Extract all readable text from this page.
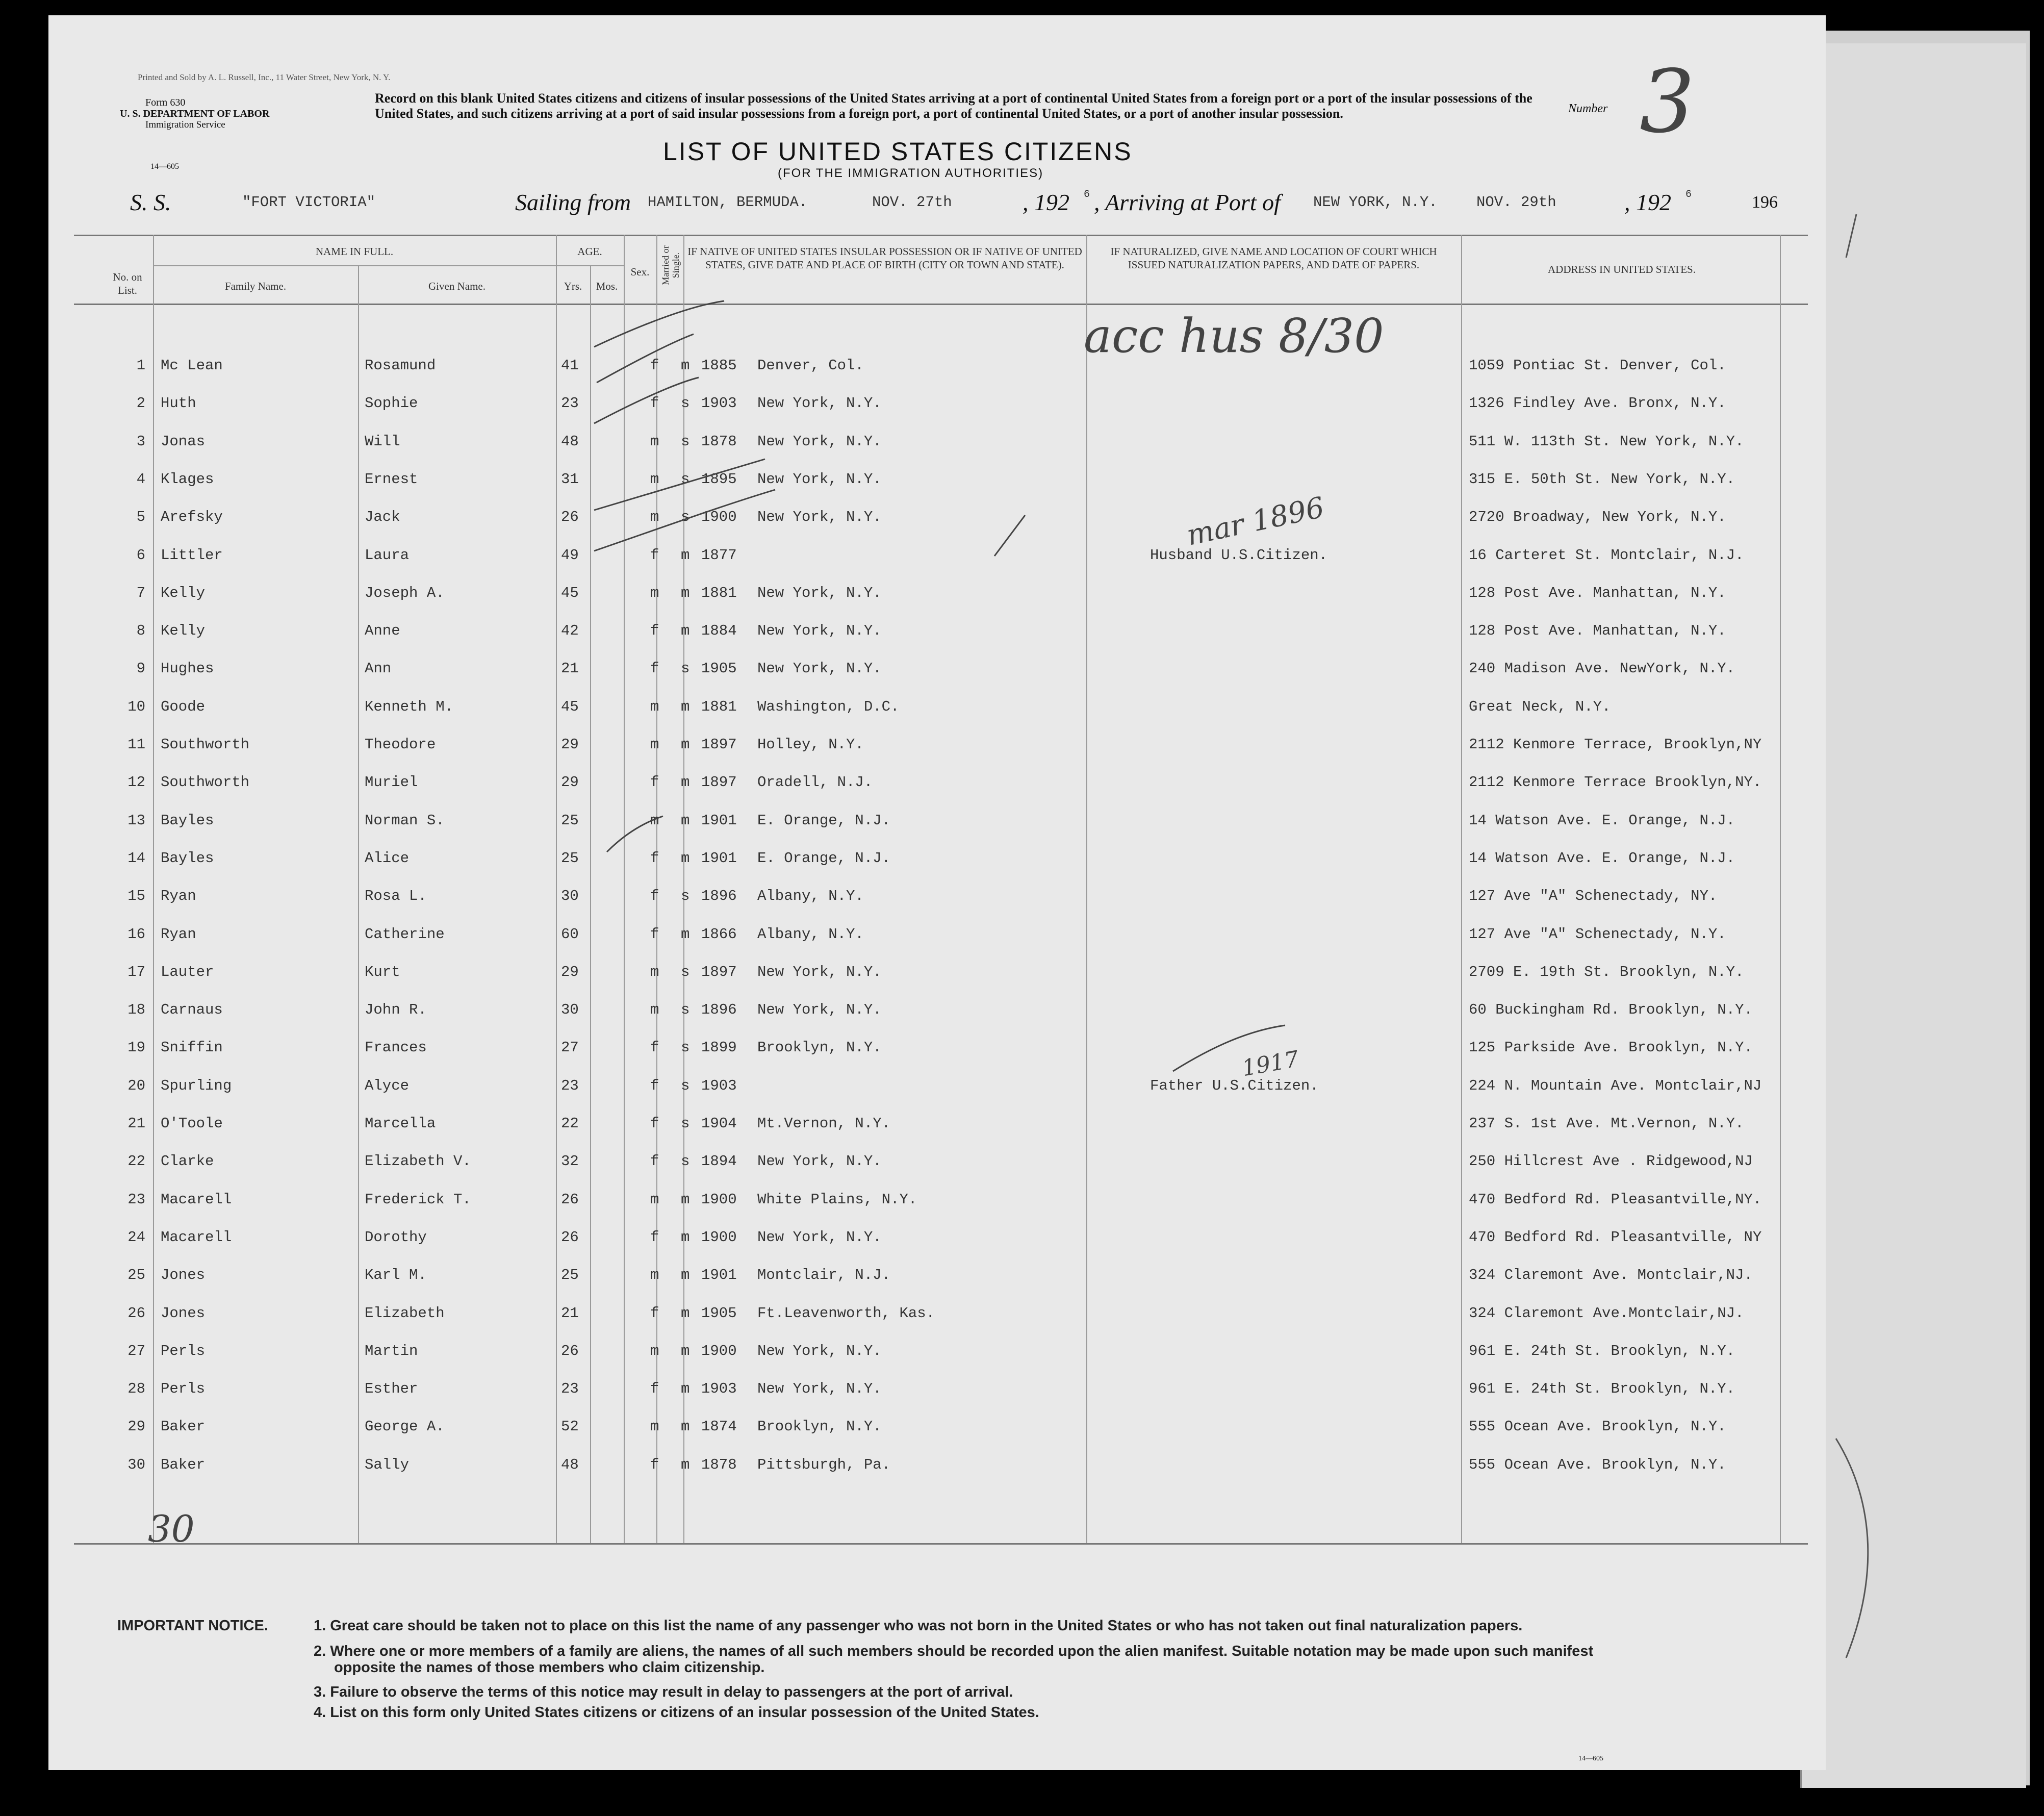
Printed and Sold by A. L. Russell, Inc., 11 Water Street, New York, N. Y.
Form 630
U. S. DEPARTMENT OF LABOR
Immigration Service
14—605
Record on this blank United States citizens and citizens of insular possessions of the United States arriving at a port of continental United States from a foreign port or a port of the insular possessions of the United States, and such citizens arriving at a port of said insular possessions from a foreign port, a port of continental United States, or a port of another insular possession.	Number 3
LIST OF UNITED STATES CITIZENS
(FOR THE IMMIGRATION AUTHORITIES)
S. S.	"FORT VICTORIA"	Sailing from HAMILTON, BERMUDA.	NOV. 27th	, 192 6 , Arriving at Port of NEW YORK, N.Y.	NOV. 29th	, 192 6	196
No. on List.
NAME IN FULL.
Family Name.	Given Name.
AGE.
Yrs.	Mos.
Sex.	Married or Single.
IF NATIVE OF UNITED STATES INSULAR POSSESSION OR IF NATIVE OF UNITED STATES, GIVE DATE AND PLACE OF BIRTH (CITY OR TOWN AND STATE).
IF NATURALIZED, GIVE NAME AND LOCATION OF COURT WHICH ISSUED NATURALIZATION PAPERS, AND DATE OF PAPERS.	ADDRESS IN UNITED STATES.
1 Mc Lean	Rosamund	41	f m 1885 Denver, Col.	1059 Pontiac St. Denver, Col.
2 Huth	Sophie	23	f s 1903 New York, N.Y.	1326 Findley Ave. Bronx, N.Y.
3 Jonas	Will	48	m s 1878 New York, N.Y.	511 W. 113th St. New York, N.Y.
4 Klages	Ernest	31	m s 1895 New York, N.Y.	315 E. 50th St. New York, N.Y.
5 Arefsky	Jack	26	m s 1900 New York, N.Y.	2720 Broadway, New York, N.Y.
6 Littler	Laura	49	f m 1877	Husband U.S.Citizen.	16 Carteret St. Montclair, N.J.
7 Kelly	Joseph A.	45	m m 1881 New York, N.Y.	128 Post Ave. Manhattan, N.Y.
8 Kelly	Anne	42	f m 1884 New York, N.Y.	128 Post Ave. Manhattan, N.Y.
9 Hughes	Ann	21	f s 1905 New York, N.Y.	240 Madison Ave. NewYork, N.Y.
10 Goode	Kenneth M.	45	m m 1881 Washington, D.C.	Great Neck, N.Y.
11 Southworth	Theodore	29	m m 1897 Holley, N.Y.	2112 Kenmore Terrace, Brooklyn,NY
12 Southworth	Muriel	29	f m 1897 Oradell, N.J.	2112 Kenmore Terrace Brooklyn,NY.
13 Bayles	Norman S.	25	m m 1901 E. Orange, N.J.	14 Watson Ave. E. Orange, N.J.
14 Bayles	Alice	25	f m 1901 E. Orange, N.J.	14 Watson Ave. E. Orange, N.J.
15 Ryan	Rosa L.	30	f s 1896 Albany, N.Y.	127 Ave "A" Schenectady, NY.
16 Ryan	Catherine	60	f m 1866 Albany, N.Y.	127 Ave "A" Schenectady, N.Y.
17 Lauter	Kurt	29	m s 1897 New York, N.Y.	2709 E. 19th St. Brooklyn, N.Y.
18 Carnaus	John R.	30	m s 1896 New York, N.Y.	60 Buckingham Rd. Brooklyn, N.Y.
19 Sniffin	Frances	27	f s 1899 Brooklyn, N.Y.	125 Parkside Ave. Brooklyn, N.Y.
20 Spurling	Alyce	23	f s 1903	Father U.S.Citizen.	224 N. Mountain Ave. Montclair,NJ
21 O'Toole	Marcella	22	f s 1904 Mt.Vernon, N.Y.	237 S. 1st Ave. Mt.Vernon, N.Y.
22 Clarke	Elizabeth V.	32	f s 1894 New York, N.Y.	250 Hillcrest Ave . Ridgewood,NJ
23 Macarell	Frederick T.	26	m m 1900 White Plains, N.Y.	470 Bedford Rd. Pleasantville,NY.
24 Macarell	Dorothy	26	f m 1900 New York, N.Y.	470 Bedford Rd. Pleasantville, NY
25 Jones	Karl M.	25	m m 1901 Montclair, N.J.	324 Claremont Ave. Montclair,NJ.
26 Jones	Elizabeth	21	f m 1905 Ft.Leavenworth, Kas.	324 Claremont Ave.Montclair,NJ.
27 Perls	Martin	26	m m 1900 New York, N.Y.	961 E. 24th St. Brooklyn, N.Y.
28 Perls	Esther	23	f m 1903 New York, N.Y.	961 E. 24th St. Brooklyn, N.Y.
29 Baker	George A.	52	m m 1874 Brooklyn, N.Y.	555 Ocean Ave. Brooklyn, N.Y.
30 Baker	Sally	48	f m 1878 Pittsburgh, Pa.	555 Ocean Ave. Brooklyn, N.Y.
acc hus 8/30
mar 1896
1917
30
IMPORTANT NOTICE.	1. Great care should be taken not to place on this list the name of any passenger who was not born in the United States or who has not taken out final naturalization papers.
2. Where one or more members of a family are aliens, the names of all such members should be recorded upon the alien manifest. Suitable notation may be made upon such manifest
opposite the names of those members who claim citizenship.
3. Failure to observe the terms of this notice may result in delay to passengers at the port of arrival.
4. List on this form only United States citizens or citizens of an insular possession of the United States.
14—605
